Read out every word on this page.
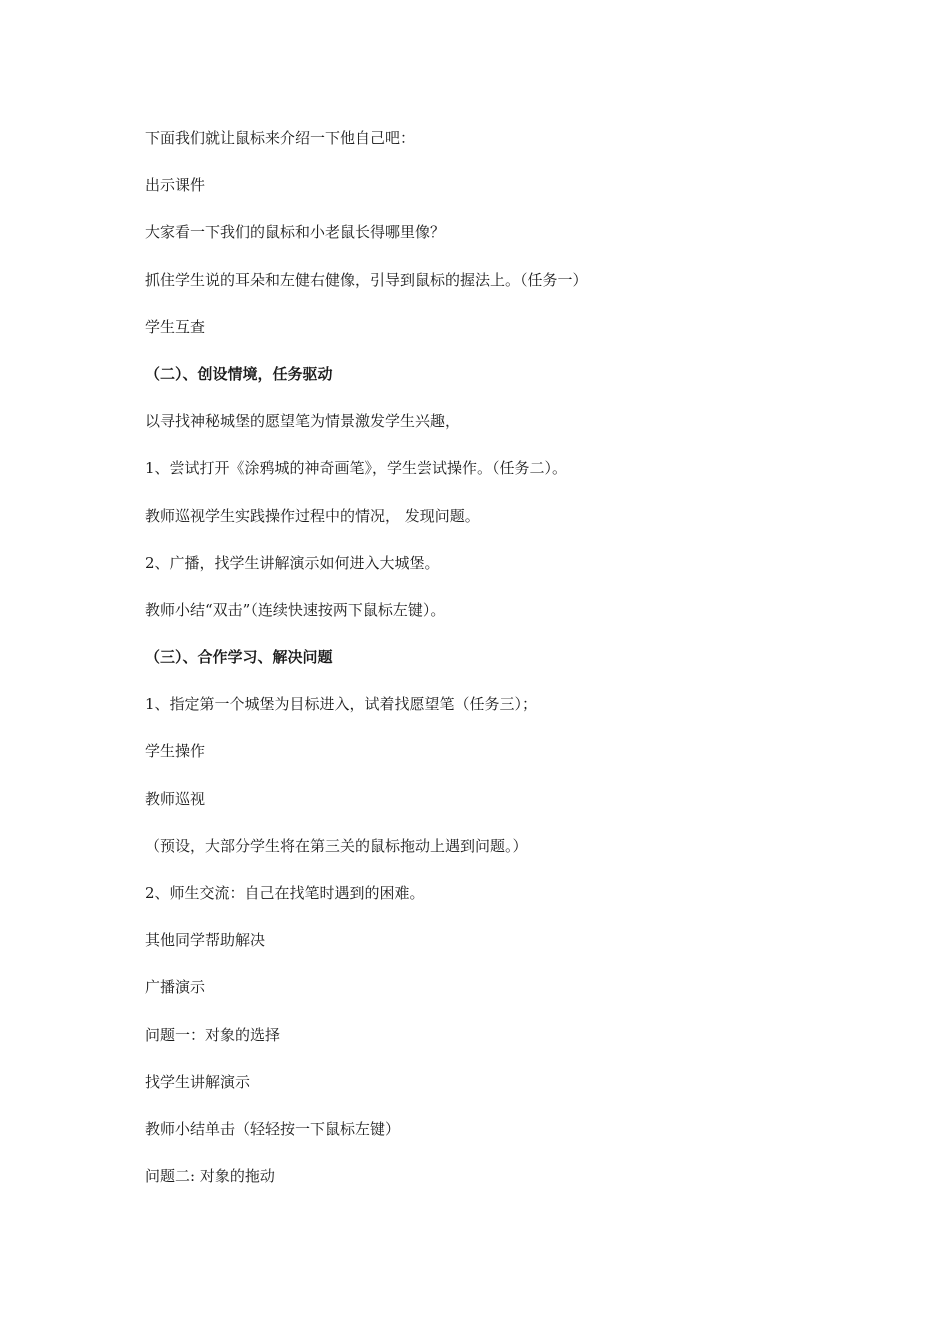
下面我们就让鼠标来介绍一下他自己吧：
出示课件
大家看一下我们的鼠标和小老鼠长得哪里像？
抓住学生说的耳朵和左健右健像，引导到鼠标的握法上。（任务一）
学生互查
（二）、创设情境，任务驱动
以寻找神秘城堡的愿望笔为情景激发学生兴趣，
1、尝试打开《涂鸦城的神奇画笔》，学生尝试操作。（任务二）。
教师巡视学生实践操作过程中的情况， 发现问题。
2、广播，找学生讲解演示如何进入大城堡。
教师小结“双击”（连续快速按两下鼠标左键）。
（三）、合作学习、解决问题
1、指定第一个城堡为目标进入，试着找愿望笔（任务三）；
学生操作
教师巡视
（预设，大部分学生将在第三关的鼠标拖动上遇到问题。）
2、师生交流：自己在找笔时遇到的困难。
其他同学帮助解决
广播演示
问题一：对象的选择
找学生讲解演示
教师小结单击（轻轻按一下鼠标左键）
问题二: 对象的拖动
